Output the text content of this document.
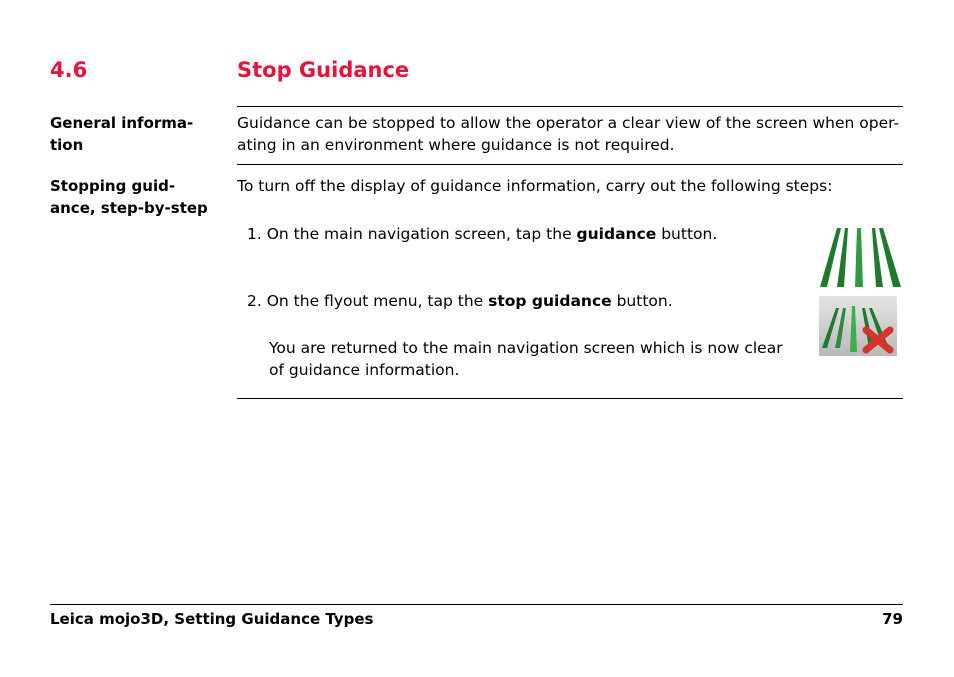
4.6	Stop Guidance
General informa-
tion
Guidance can be stopped to allow the operator a clear view of the screen when oper-
ating in an environment where guidance is not required.
Stopping guid-
ance, step-by-step
To turn off the display of guidance information, carry out the following steps:
1. On the main navigation screen, tap the guidance button.
2. On the flyout menu, tap the stop guidance button.
You are returned to the main navigation screen which is now clear
of guidance information.
Leica mojo3D, Setting Guidance Types	79
